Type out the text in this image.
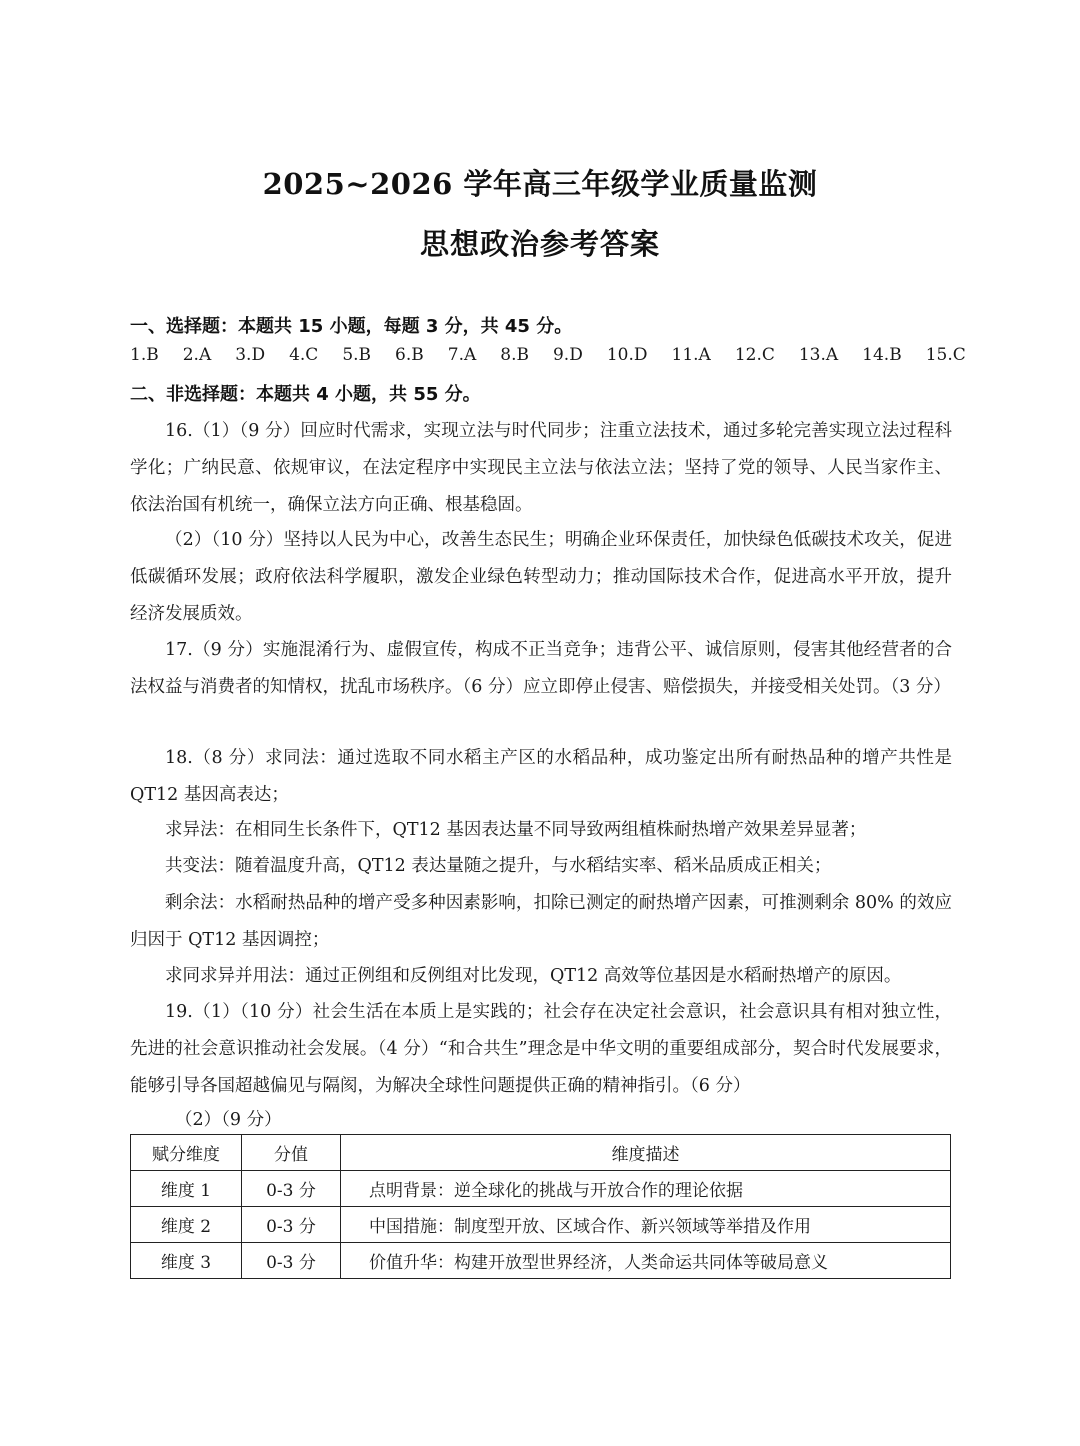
2025~2026 学年高三年级学业质量监测
思想政治参考答案
一、选择题：本题共 15 小题，每题 3 分，共 45 分。
1.B 2.A 3.D 4.C 5.B 6.B 7.A 8.B 9.D 10.D 11.A 12.C 13.A 14.B 15.C
二、非选择题：本题共 4 小题，共 55 分。
16.（1）（9 分）回应时代需求，实现立法与时代同步；注重立法技术，通过多轮完善实现立法过程科学化；广纳民意、依规审议，在法定程序中实现民主立法与依法立法；坚持了党的领导、人民当家作主、依法治国有机统一，确保立法方向正确、根基稳固。
（2）（10 分）坚持以人民为中心，改善生态民生；明确企业环保责任，加快绿色低碳技术攻关，促进低碳循环发展；政府依法科学履职，激发企业绿色转型动力；推动国际技术合作，促进高水平开放，提升经济发展质效。
17.（9 分）实施混淆行为、虚假宣传，构成不正当竞争；违背公平、诚信原则，侵害其他经营者的合法权益与消费者的知情权，扰乱市场秩序。（6 分）应立即停止侵害、赔偿损失，并接受相关处罚。（3 分）
18.（8 分）求同法：通过选取不同水稻主产区的水稻品种，成功鉴定出所有耐热品种的增产共性是 QT12 基因高表达；
求异法：在相同生长条件下，QT12 基因表达量不同导致两组植株耐热增产效果差异显著；
共变法：随着温度升高，QT12 表达量随之提升，与水稻结实率、稻米品质成正相关；
剩余法：水稻耐热品种的增产受多种因素影响，扣除已测定的耐热增产因素，可推测剩余 80% 的效应归因于 QT12 基因调控；
求同求异并用法：通过正例组和反例组对比发现，QT12 高效等位基因是水稻耐热增产的原因。
19.（1）（10 分）社会生活在本质上是实践的；社会存在决定社会意识，社会意识具有相对独立性，先进的社会意识推动社会发展。（4 分）“和合共生”理念是中华文明的重要组成部分，契合时代发展要求，能够引导各国超越偏见与隔阂，为解决全球性问题提供正确的精神指引。（6 分）
（2）（9 分）
赋分维度	分值	维度描述
维度 1	0-3 分	点明背景：逆全球化的挑战与开放合作的理论依据
维度 2	0-3 分	中国措施：制度型开放、区域合作、新兴领域等举措及作用
维度 3	0-3 分	价值升华：构建开放型世界经济，人类命运共同体等破局意义
